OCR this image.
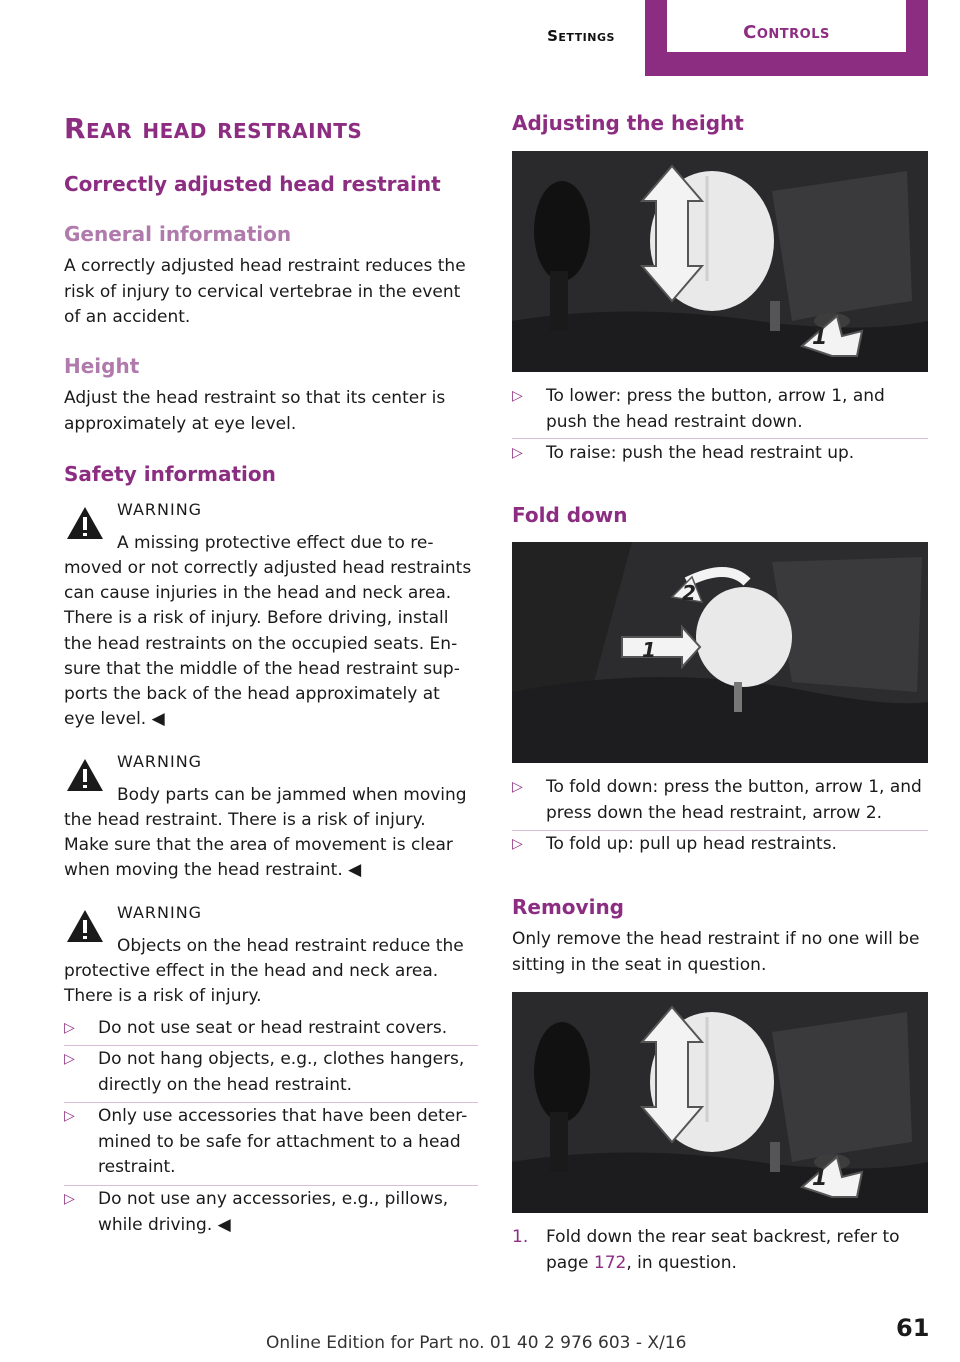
Settings	Controls
Rear head restraints
Correctly adjusted head restraint
General information
A correctly adjusted head restraint reduces the risk of injury to cervical vertebrae in the event of an accident.
Height
Adjust the head restraint so that its center is approximately at eye level.
Safety information
WARNING
A missing protective effect due to re-
moved or not correctly adjusted head restraints
can cause injuries in the head and neck area.
There is a risk of injury. Before driving, install
the head restraints on the occupied seats. En-
sure that the middle of the head restraint sup-
ports the back of the head approximately at
eye level. ◀
WARNING
Body parts can be jammed when moving
the head restraint. There is a risk of injury.
Make sure that the area of movement is clear
when moving the head restraint. ◀
WARNING
Objects on the head restraint reduce the
protective effect in the head and neck area.
There is a risk of injury.
▷ Do not use seat or head restraint covers.
▷ Do not hang objects, e.g., clothes hangers, directly on the head restraint.
▷ Only use accessories that have been deter-mined to be safe for attachment to a head restraint.
▷ Do not use any accessories, e.g., pillows, while driving. ◀
Adjusting the height
1
▷ To lower: press the button, arrow 1, and push the head restraint down.
▷ To raise: push the head restraint up.
Fold down
2
1
▷ To fold down: press the button, arrow 1, and press down the head restraint, arrow 2.
▷ To fold up: pull up head restraints.
Removing
Only remove the head restraint if no one will be sitting in the seat in question.
1
1. Fold down the rear seat backrest, refer to page 172, in question.
61
Online Edition for Part no. 01 40 2 976 603 - X/16
